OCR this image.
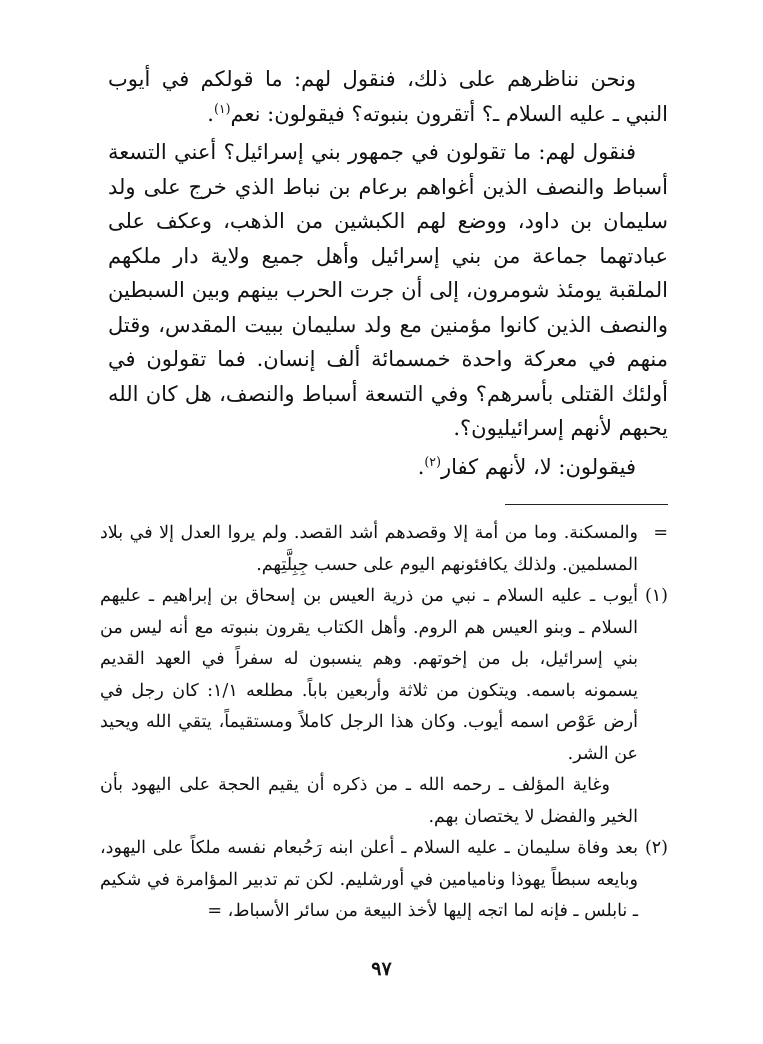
ونحن نناظرهم على ذلك، فنقول لهم: ما قولكم في أيوب النبي ـ عليه السلام ـ؟ أتقرون بنبوته؟ فيقولون: نعم$^{(١)}$.

فنقول لهم: ما تقولون في جمهور بني إسرائيل؟ أعني التسعة أسباط والنصف الذين أغواهم برعام بن نباط الذي خرج على ولد سليمان بن داود، ووضع لهم الكبشين من الذهب، وعكف على عبادتهما جماعة من بني إسرائيل وأهل جميع ولاية دار ملكهم الملقبة يومئذ شومرون، إلى أن جرت الحرب بينهم وبين السبطين والنصف الذين كانوا مؤمنين مع ولد سليمان ببيت المقدس، وقتل منهم في معركة واحدة خمسمائة ألف إنسان. فما تقولون في أولئك القتلى بأسرهم؟ وفي التسعة أسباط والنصف، هل كان الله يحبهم لأنهم إسرائيليون؟.

فيقولون: لا، لأنهم كفار$^{(٢)}$.

=والمسكنة. وما من أمة إلا وقصدهم أشد القصد. ولم يروا العدل إلا في بلاد المسلمين. ولذلك يكافئونهم اليوم على حسب جِبِلَّتِهم.

(١)أيوب ـ عليه السلام ـ نبي من ذرية العيس بن إسحاق بن إبراهيم ـ عليهم السلام ـ وبنو العيس هم الروم. وأهل الكتاب يقرون بنبوته مع أنه ليس من بني إسرائيل، بل من إخوتهم. وهم ينسبون له سفراً في العهد القديم يسمونه باسمه. ويتكون من ثلاثة وأربعين باباً. مطلعه ١/١: كان رجل في أرض عَوْص اسمه أيوب. وكان هذا الرجل كاملاً ومستقيماً، يتقي الله ويحيد عن الشر.

وغاية المؤلف ـ رحمه الله ـ من ذكره أن يقيم الحجة على اليهود بأن الخير والفضل لا يختصان بهم.

(٢)بعد وفاة سليمان ـ عليه السلام ـ أعلن ابنه رَحُبعام نفسه ملكاً على اليهود، وبايعه سبطاً يهوذا وناميامين في أورشليم. لكن تم تدبير المؤامرة في شكيم ـ نابلس ـ فإنه لما اتجه إليها لأخذ البيعة من سائر الأسباط، =

٩٧
